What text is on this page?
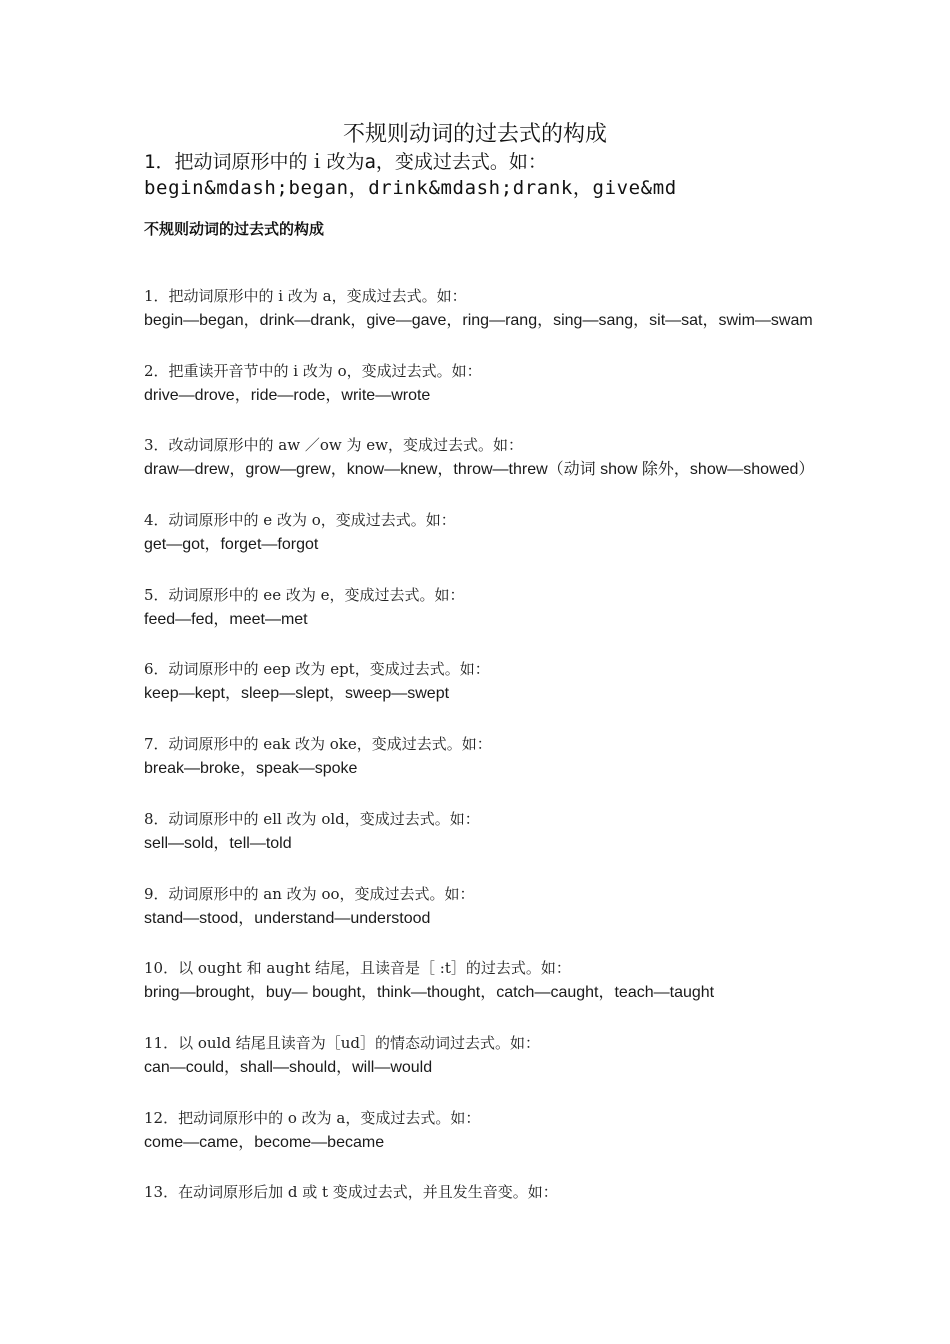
不规则动词的过去式的构成
1．把动词原形中的ｉ改为a，变成过去式。如：
begin&mdash;began，drink&mdash;drank，give&md
不规则动词的过去式的构成
1．把动词原形中的 i 改为 a，变成过去式。如：
begin—began，drink—drank，give—gave，ring—rang，sing—sang，sit—sat，swim—swam
2．把重读开音节中的 i 改为 o，变成过去式。如：
drive—drove，ride—rode，write—wrote
3．改动词原形中的 aw ／ow 为 ew，变成过去式。如：
draw—drew，grow—grew，know—knew，throw—threw（动词 show 除外，show—showed）
4．动词原形中的 e 改为 o，变成过去式。如：
get—got，forget—forgot
5．动词原形中的 ee 改为 e，变成过去式。如：
feed—fed，meet—met
6．动词原形中的 eep 改为 ept，变成过去式。如：
keep—kept，sleep—slept，sweep—swept
7．动词原形中的 eak 改为 oke，变成过去式。如：
break—broke，speak—spoke
8．动词原形中的 ell 改为 old，变成过去式。如：
sell—sold，tell—told
9．动词原形中的 an 改为 oo，变成过去式。如：
stand—stood，understand—understood
10．以 ought 和 aught 结尾，且读音是［ :t］的过去式。如：
bring—brought，buy— bought，think—thought，catch—caught，teach—taught
11．以 ould 结尾且读音为［ud］的情态动词过去式。如：
can—could，shall—should，will—would
12．把动词原形中的 o 改为 a，变成过去式。如：
come—came，become—became
13．在动词原形后加 d 或 t 变成过去式，并且发生音变。如：
